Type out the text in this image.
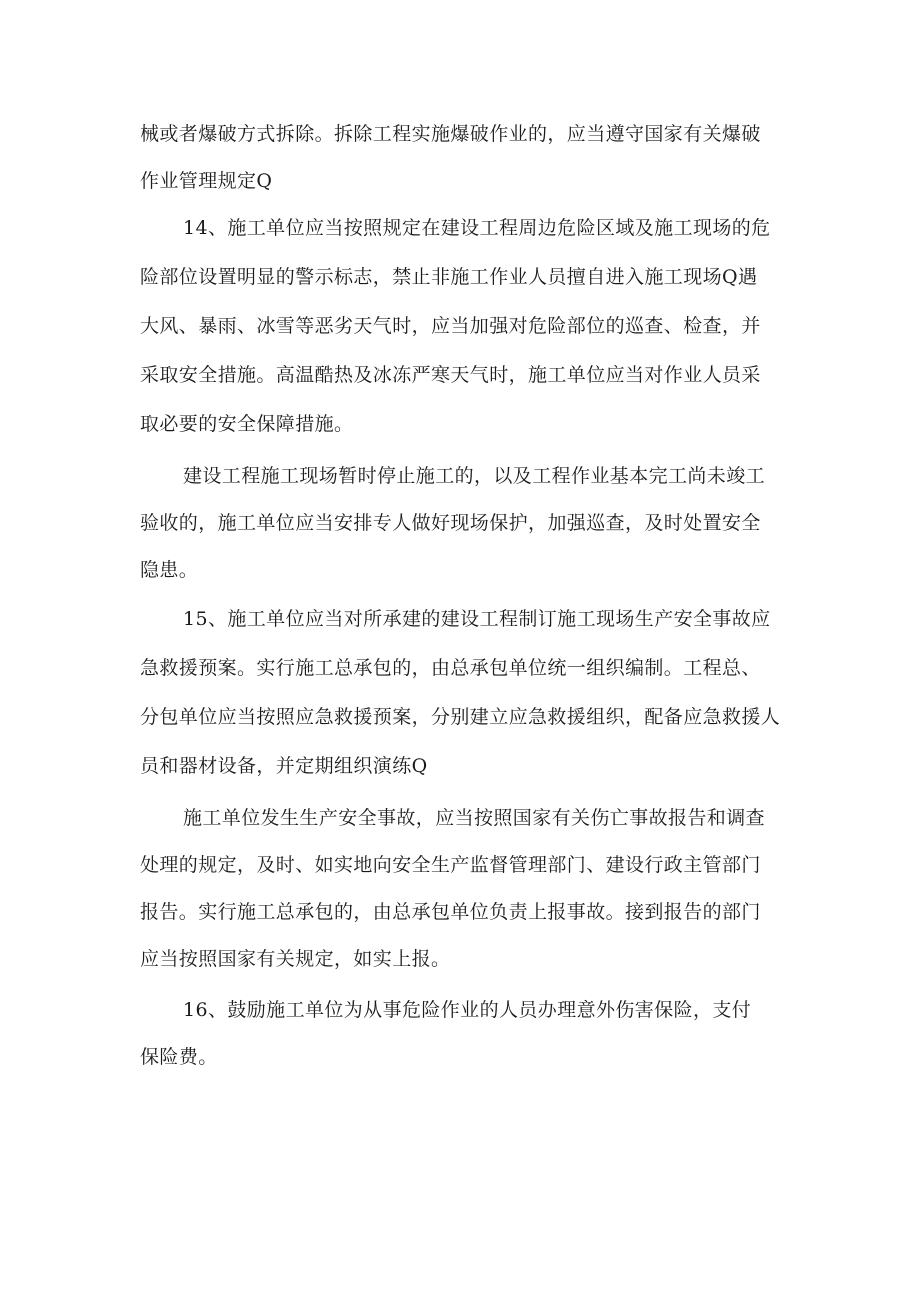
械或者爆破方式拆除。拆除工程实施爆破作业的，应当遵守国家有关爆破
作业管理规定Q
14、施工单位应当按照规定在建设工程周边危险区域及施工现场的危
险部位设置明显的警示标志，禁止非施工作业人员擅自进入施工现场Q遇
大风、暴雨、冰雪等恶劣天气时，应当加强对危险部位的巡查、检查，并
采取安全措施。高温酷热及冰冻严寒天气时，施工单位应当对作业人员采
取必要的安全保障措施。
建设工程施工现场暂时停止施工的，以及工程作业基本完工尚未竣工
验收的，施工单位应当安排专人做好现场保护，加强巡查，及时处置安全
隐患。
15、施工单位应当对所承建的建设工程制订施工现场生产安全事故应
急救援预案。实行施工总承包的，由总承包单位统一组织编制。工程总、
分包单位应当按照应急救援预案，分别建立应急救援组织，配备应急救援人
员和器材设备，并定期组织演练Q
施工单位发生生产安全事故，应当按照国家有关伤亡事故报告和调查
处理的规定，及时、如实地向安全生产监督管理部门、建设行政主管部门
报告。实行施工总承包的，由总承包单位负责上报事故。接到报告的部门
应当按照国家有关规定，如实上报。
16、鼓励施工单位为从事危险作业的人员办理意外伤害保险，支付
保险费。
